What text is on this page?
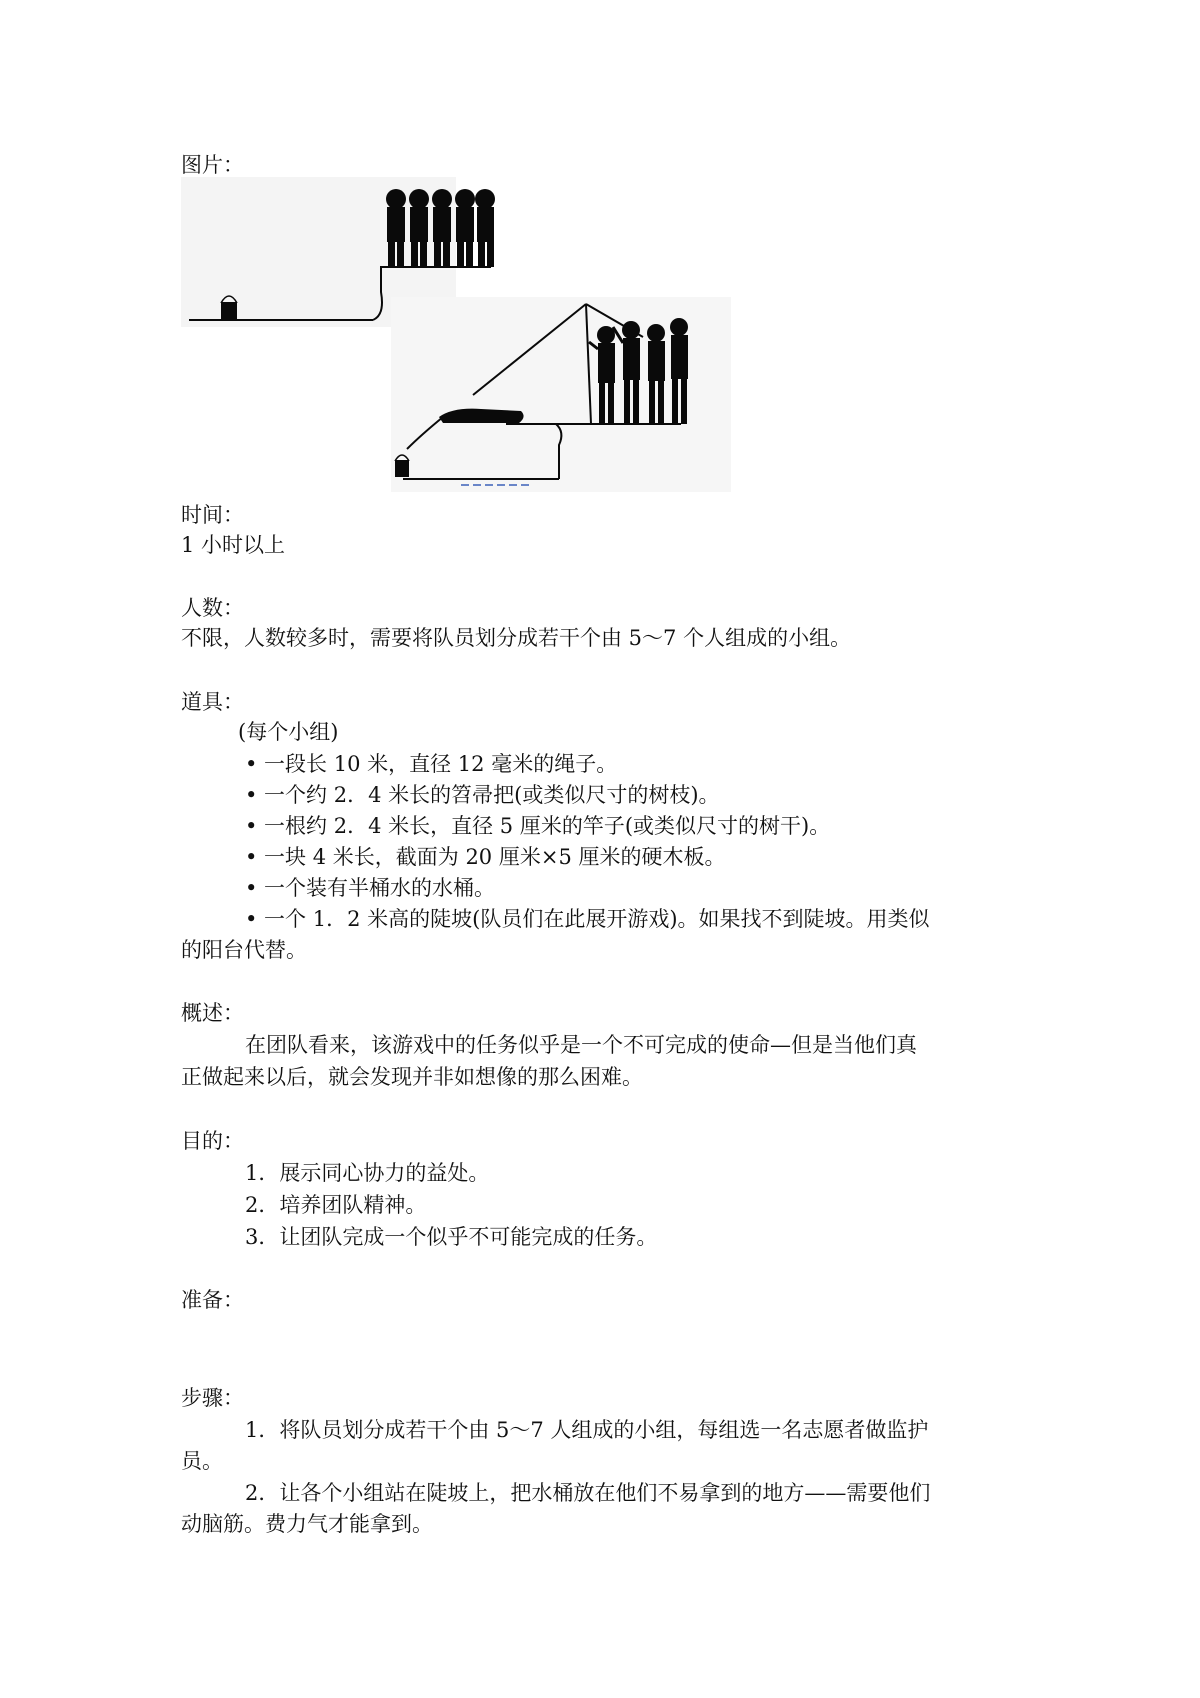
图片：
时间：
1 小时以上
人数：
不限，人数较多时，需要将队员划分成若干个由 5～7 个人组成的小组。
道具：
(每个小组)
• 一段长 10 米，直径 12 毫米的绳子。
• 一个约 2．4 米长的笤帚把(或类似尺寸的树枝)。
• 一根约 2．4 米长，直径 5 厘米的竿子(或类似尺寸的树干)。
• 一块 4 米长，截面为 20 厘米×5 厘米的硬木板。
• 一个装有半桶水的水桶。
• 一个 1．2 米高的陡坡(队员们在此展开游戏)。如果找不到陡坡。用类似
的阳台代替。
概述：
在团队看来，该游戏中的任务似乎是一个不可完成的使命—但是当他们真
正做起来以后，就会发现并非如想像的那么困难。
目的：
1．展示同心协力的益处。
2．培养团队精神。
3．让团队完成一个似乎不可能完成的任务。
准备：
步骤：
1．将队员划分成若干个由 5～7 人组成的小组，每组选一名志愿者做监护
员。
2．让各个小组站在陡坡上，把水桶放在他们不易拿到的地方——需要他们
动脑筋。费力气才能拿到。
